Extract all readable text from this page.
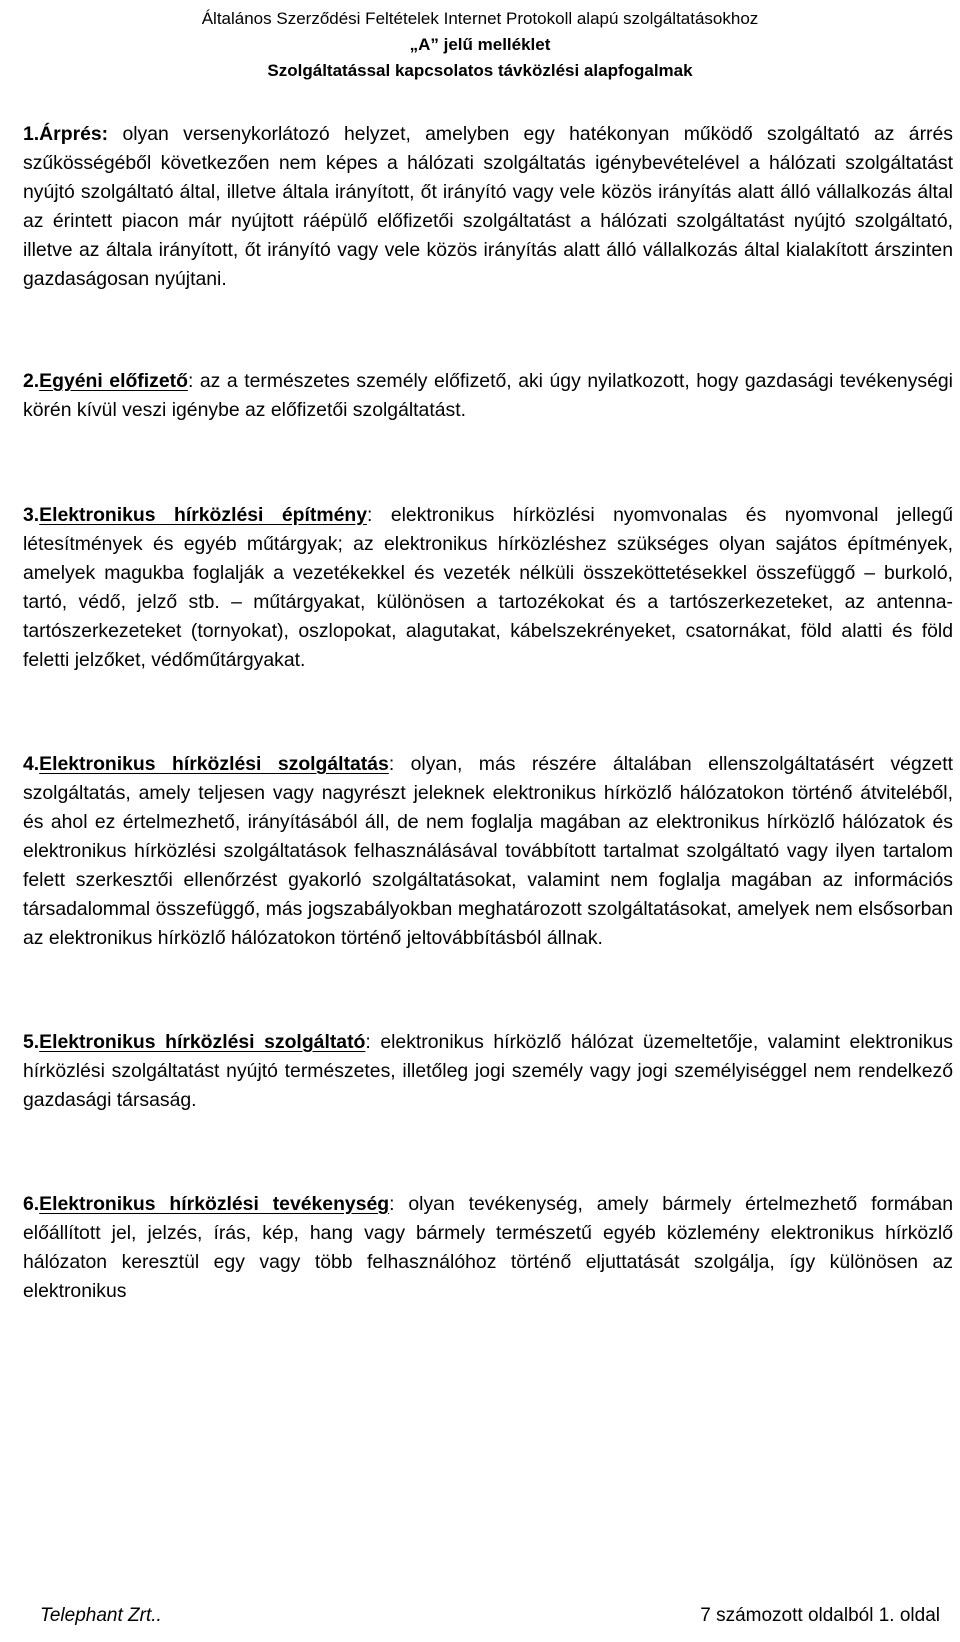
Általános Szerződési Feltételek Internet Protokoll alapú szolgáltatásokhoz
„A” jelű melléklet
Szolgáltatással kapcsolatos távközlési alapfogalmak

1.Árprés: olyan versenykorlátozó helyzet, amelyben egy hatékonyan működő szolgáltató az árrés szűkösségéből következően nem képes a hálózati szolgáltatás igénybevételével a hálózati szolgáltatást nyújtó szolgáltató által, illetve általa irányított, őt irányító vagy vele közös irányítás alatt álló vállalkozás által az érintett piacon már nyújtott ráépülő előfizetői szolgáltatást a hálózati szolgáltatást nyújtó szolgáltató, illetve az általa irányított, őt irányító vagy vele közös irányítás alatt álló vállalkozás által kialakított árszinten gazdaságosan nyújtani.

2.Egyéni előfizető: az a természetes személy előfizető, aki úgy nyilatkozott, hogy gazdasági tevékenységi körén kívül veszi igénybe az előfizetői szolgáltatást.

3.Elektronikus hírközlési építmény: elektronikus hírközlési nyomvonalas és nyomvonal jellegű létesítmények és egyéb műtárgyak; az elektronikus hírközléshez szükséges olyan sajátos építmények, amelyek magukba foglalják a vezetékekkel és vezeték nélküli összeköttetésekkel összefüggő – burkoló, tartó, védő, jelző stb. – műtárgyakat, különösen a tartozékokat és a tartószerkezeteket, az antenna-tartószerkezeteket (tornyokat), oszlopokat, alagutakat, kábelszekrényeket, csatornákat, föld alatti és föld feletti jelzőket, védőműtárgyakat.

4.Elektronikus hírközlési szolgáltatás: olyan, más részére általában ellenszolgáltatásért végzett szolgáltatás, amely teljesen vagy nagyrészt jeleknek elektronikus hírközlő hálózatokon történő átviteléből, és ahol ez értelmezhető, irányításából áll, de nem foglalja magában az elektronikus hírközlő hálózatok és elektronikus hírközlési szolgáltatások felhasználásával továbbított tartalmat szolgáltató vagy ilyen tartalom felett szerkesztői ellenőrzést gyakorló szolgáltatásokat, valamint nem foglalja magában az információs társadalommal összefüggő, más jogszabályokban meghatározott szolgáltatásokat, amelyek nem elsősorban az elektronikus hírközlő hálózatokon történő jeltovábbításból állnak.

5.Elektronikus hírközlési szolgáltató: elektronikus hírközlő hálózat üzemeltetője, valamint elektronikus hírközlési szolgáltatást nyújtó természetes, illetőleg jogi személy vagy jogi személyiséggel nem rendelkező gazdasági társaság.

6.Elektronikus hírközlési tevékenység: olyan tevékenység, amely bármely értelmezhető formában előállított jel, jelzés, írás, kép, hang vagy bármely természetű egyéb közlemény elektronikus hírközlő hálózaton keresztül egy vagy több felhasználóhoz történő eljuttatását szolgálja, így különösen az elektronikus

Telephant Zrt..	7 számozott oldalból 1. oldal
